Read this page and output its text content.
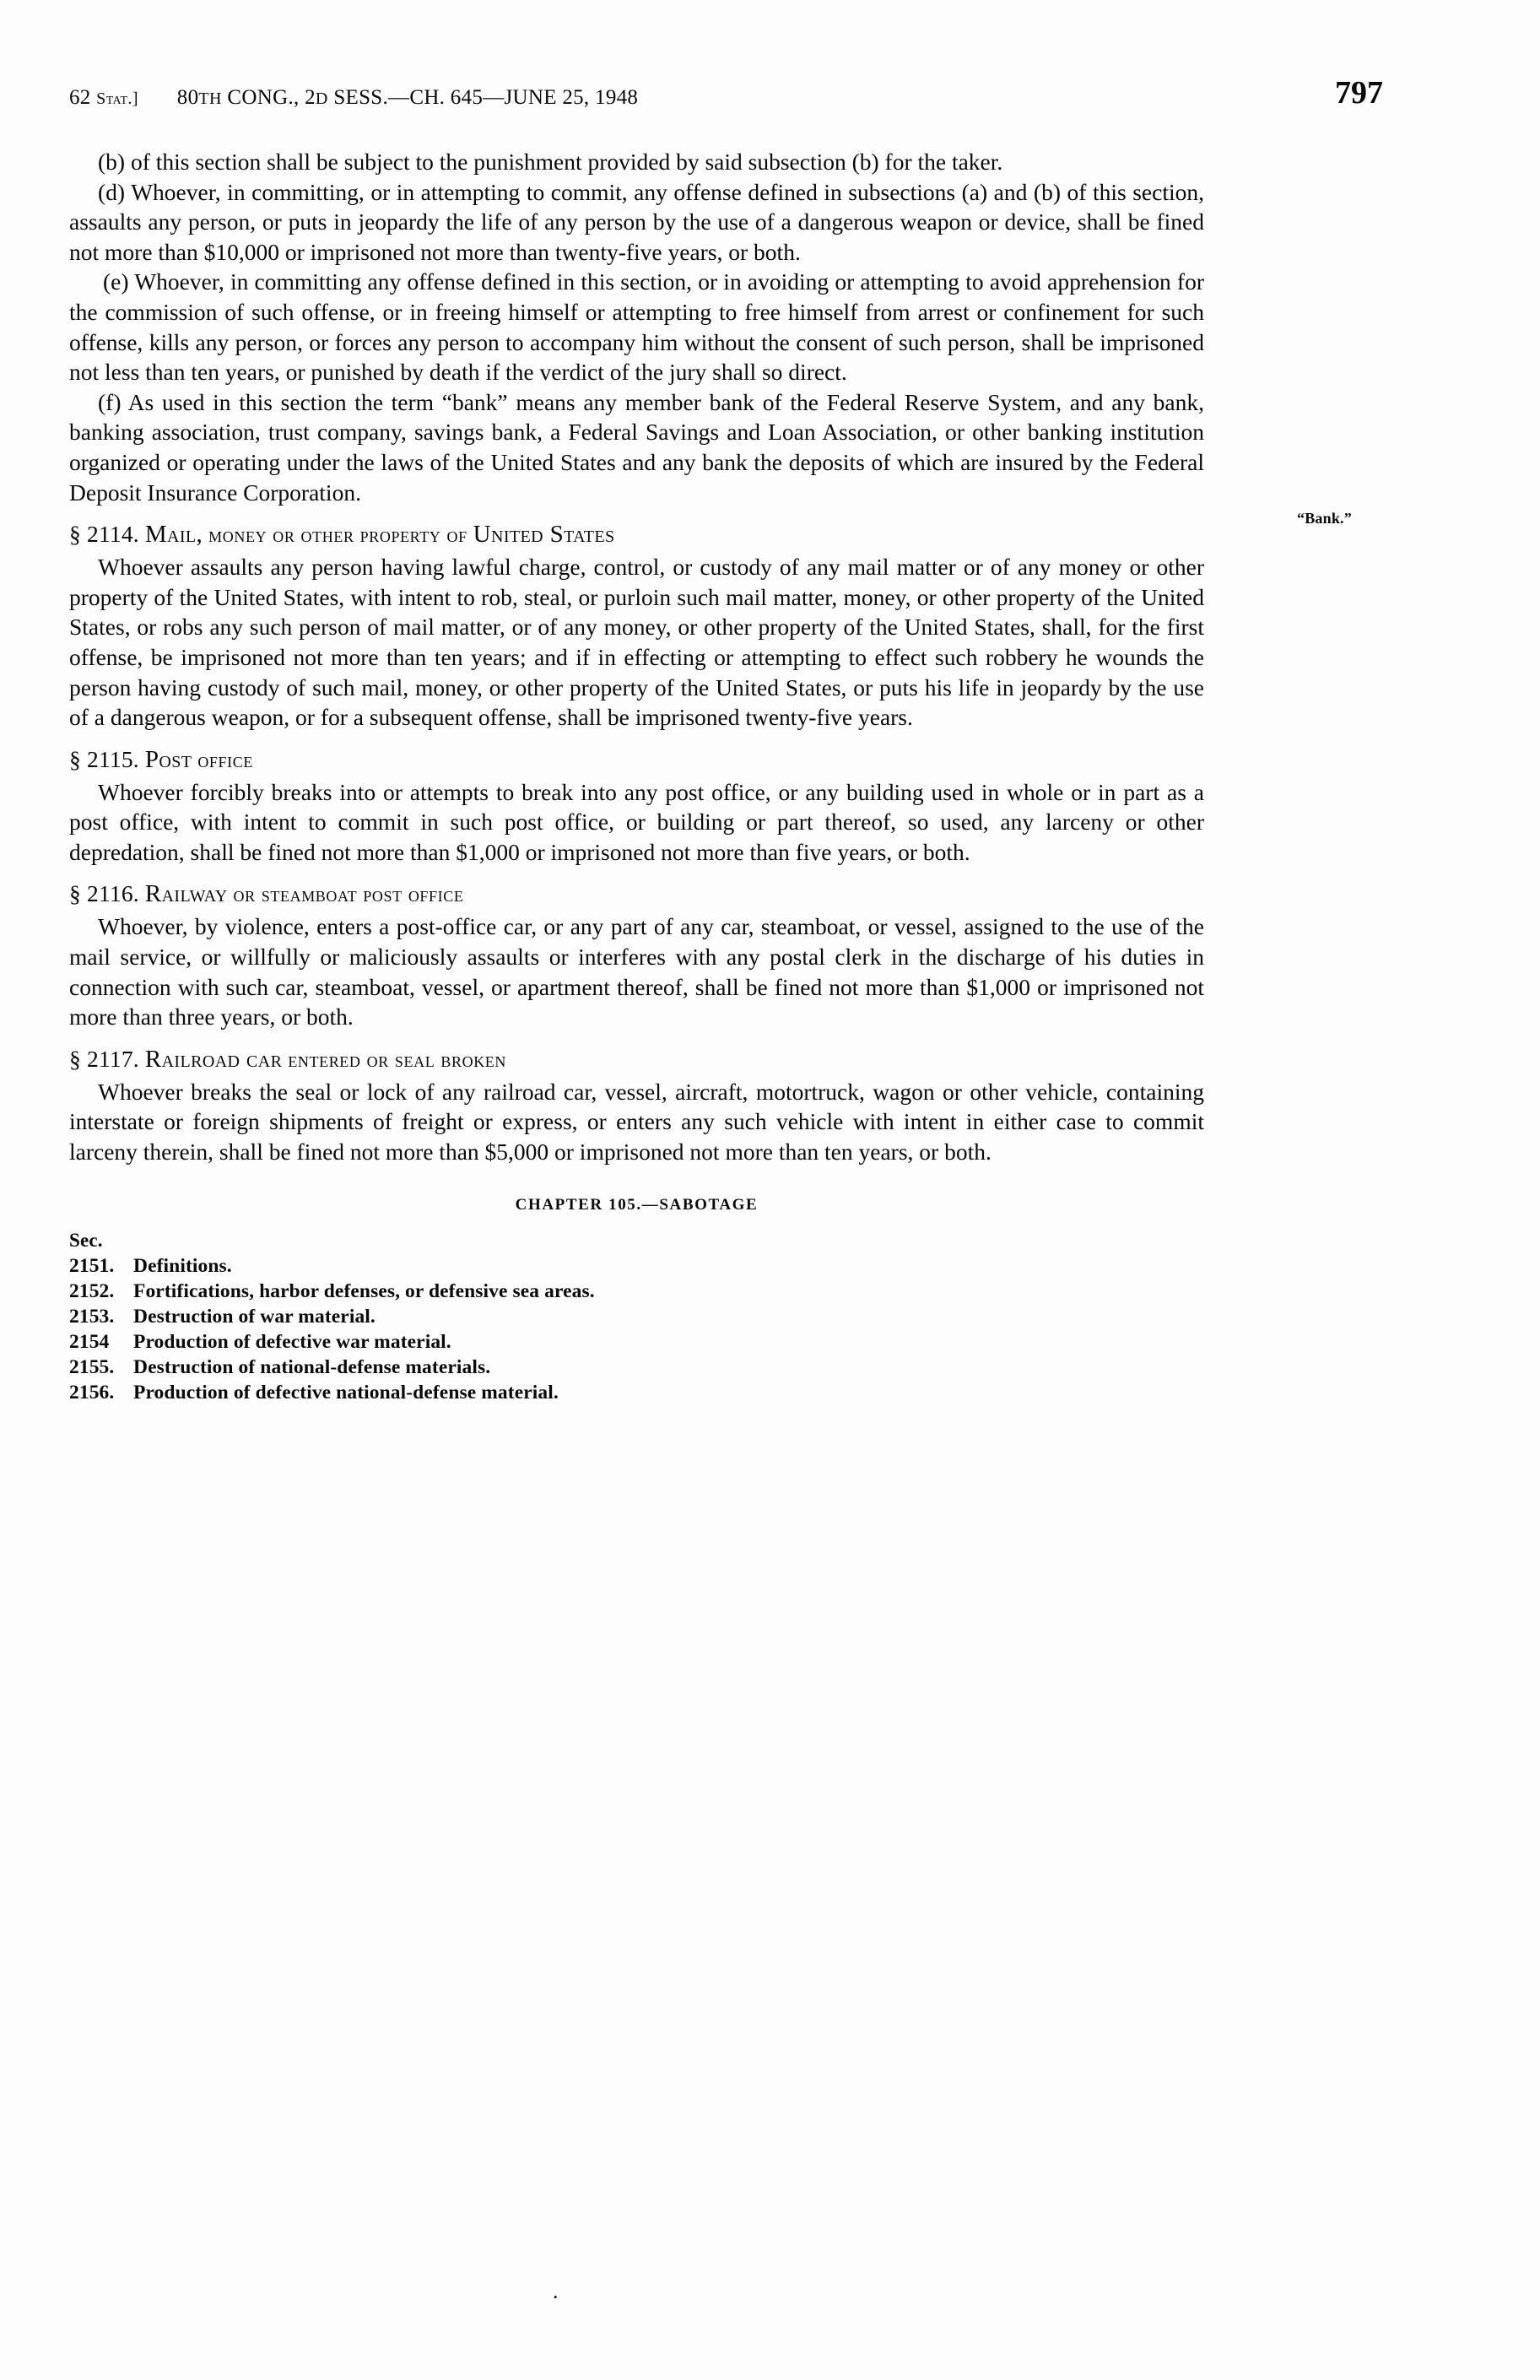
62 Stat.] 80TH CONG., 2D SESS.—CH. 645—JUNE 25, 1948	797
“Bank.”

(b) of this section shall be subject to the punishment provided by said subsection (b) for the taker.

(d) Whoever, in committing, or in attempting to commit, any offense defined in subsections (a) and (b) of this section, assaults any person, or puts in jeopardy the life of any person by the use of a dangerous weapon or device, shall be fined not more than $10,000 or imprisoned not more than twenty-five years, or both.

(e) Whoever, in committing any offense defined in this section, or in avoiding or attempting to avoid apprehension for the commission of such offense, or in freeing himself or attempting to free himself from arrest or confinement for such offense, kills any person, or forces any person to accompany him without the consent of such person, shall be imprisoned not less than ten years, or punished by death if the verdict of the jury shall so direct.

(f) As used in this section the term “bank” means any member bank of the Federal Reserve System, and any bank, banking association, trust company, savings bank, a Federal Savings and Loan Association, or other banking institution organized or operating under the laws of the United States and any bank the deposits of which are insured by the Federal Deposit Insurance Corporation.

§ 2114. Mail, money or other property of United States

Whoever assaults any person having lawful charge, control, or custody of any mail matter or of any money or other property of the United States, with intent to rob, steal, or purloin such mail matter, money, or other property of the United States, or robs any such person of mail matter, or of any money, or other property of the United States, shall, for the first offense, be imprisoned not more than ten years; and if in effecting or attempting to effect such robbery he wounds the person having custody of such mail, money, or other property of the United States, or puts his life in jeopardy by the use of a dangerous weapon, or for a subsequent offense, shall be imprisoned twenty-five years.

§ 2115. Post office

Whoever forcibly breaks into or attempts to break into any post office, or any building used in whole or in part as a post office, with intent to commit in such post office, or building or part thereof, so used, any larceny or other depredation, shall be fined not more than $1,000 or imprisoned not more than five years, or both.

§ 2116. Railway or steamboat post office

Whoever, by violence, enters a post-office car, or any part of any car, steamboat, or vessel, assigned to the use of the mail service, or willfully or maliciously assaults or interferes with any postal clerk in the discharge of his duties in connection with such car, steamboat, vessel, or apartment thereof, shall be fined not more than $1,000 or imprisoned not more than three years, or both.

§ 2117. Railroad car entered or seal broken

Whoever breaks the seal or lock of any railroad car, vessel, aircraft, motortruck, wagon or other vehicle, containing interstate or foreign shipments of freight or express, or enters any such vehicle with intent in either case to commit larceny therein, shall be fined not more than $5,000 or imprisoned not more than ten years, or both.

CHAPTER 105.—SABOTAGE
Sec.
2151. Definitions.
2152. Fortifications, harbor defenses, or defensive sea areas.
2153. Destruction of war material.
2154 Production of defective war material.
2155. Destruction of national-defense materials.
2156. Production of defective national-defense material.
.
